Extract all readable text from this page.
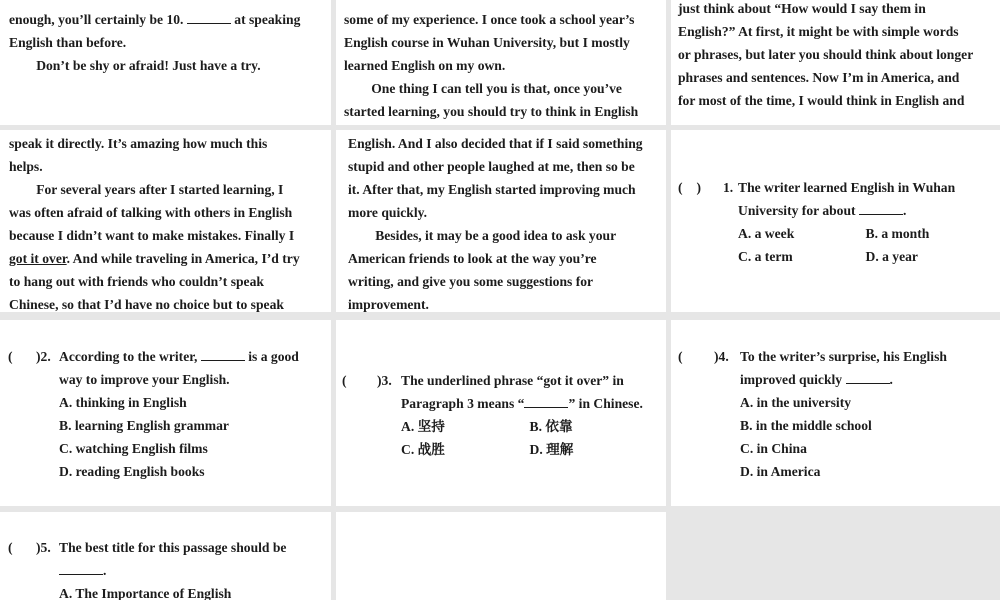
enough, you’ll certainly be 10.	at speaking
English than before.
Don’t be shy or afraid! Just have a try.
some of my experience. I once took a school year’s
English course in Wuhan University, but I mostly
learned English on my own.
One thing I can tell you is that, once you’ve
started learning, you should try to think in English
just think about “How would I say them in
English?” At first, it might be with simple words
or phrases, but later you should think about longer
phrases and sentences. Now I’m in America, and
for most of the time, I would think in English and
speak it directly. It’s amazing how much this
helps.
For several years after I started learning, I
was often afraid of talking with others in English
because I didn’t want to make mistakes. Finally I
got it over. And while traveling in America, I’d try
to hang out with friends who couldn’t speak
Chinese, so that I’d have no choice but to speak
English. And I also decided that if I said something
stupid and other people laughed at me, then so be
it. After that, my English started improving much
more quickly.
Besides, it may be a good idea to ask your
American friends to look at the way you’re
writing, and give you some suggestions for
improvement.
( ) 1. The writer learned English in Wuhan
University for about	.
A. a week	B. a month
C. a term	D. a year
( )2. According to the writer,	is a good
way to improve your English.
A. thinking in English
B. learning English grammar
C. watching English films
D. reading English books
( )3. The underlined phrase “got it over” in
Paragraph 3 means “	” in Chinese.
A. 坚持	B. 依靠
C. 战胜	D. 理解
( )4. To the writer’s surprise, his English
improved quickly	.
A. in the university
B. in the middle school
C. in China
D. in America
( )5. The best title for this passage should be
.
A. The Importance of English
